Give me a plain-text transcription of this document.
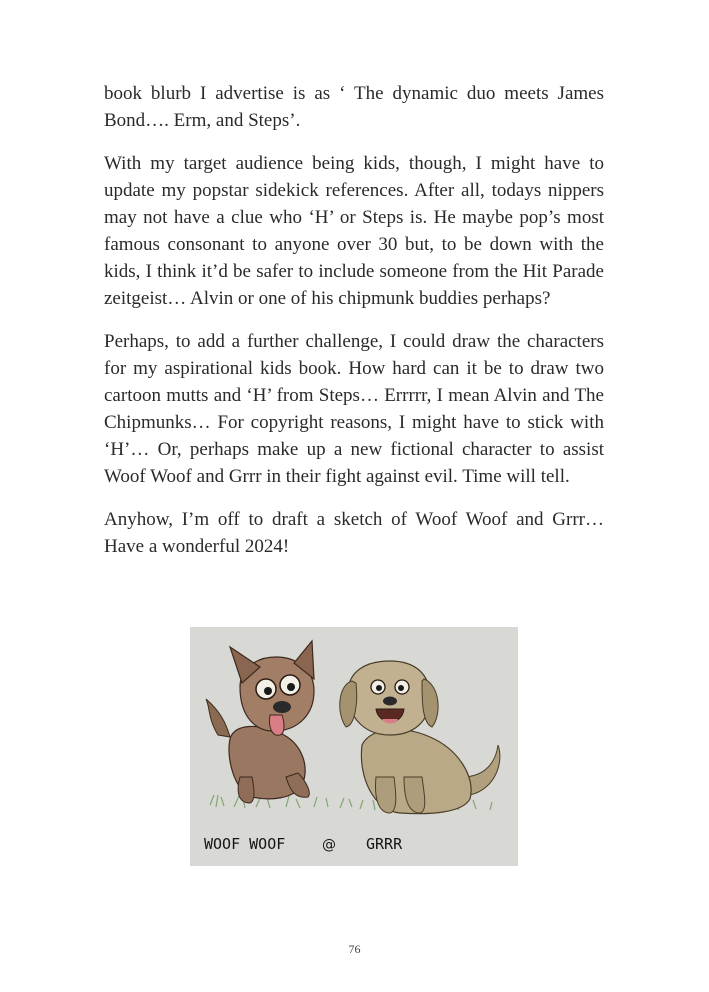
book blurb I advertise is as ‘ The dynamic duo meets James Bond…. Erm, and Steps’.

With my target audience being kids, though, I might have to update my popstar sidekick references. After all, todays nippers may not have a clue who ‘H’ or Steps is. He maybe pop’s most famous consonant to anyone over 30 but, to be down with the kids, I think it’d be safer to include someone from the Hit Parade zeitgeist… Alvin or one of his chipmunk buddies perhaps?

Perhaps, to add a further challenge, I could draw the characters for my aspirational kids book. How hard can it be to draw two cartoon mutts and ‘H’ from Steps… Errrrr, I mean Alvin and The Chipmunks… For copyright reasons, I might have to stick with ‘H’… Or, perhaps make up a new fictional character to assist Woof Woof and Grrr in their fight against evil. Time will tell.

Anyhow, I’m off to draft a sketch of Woof Woof and Grrr… Have a wonderful 2024!

WOOF WOOF	@ GRRR
76
